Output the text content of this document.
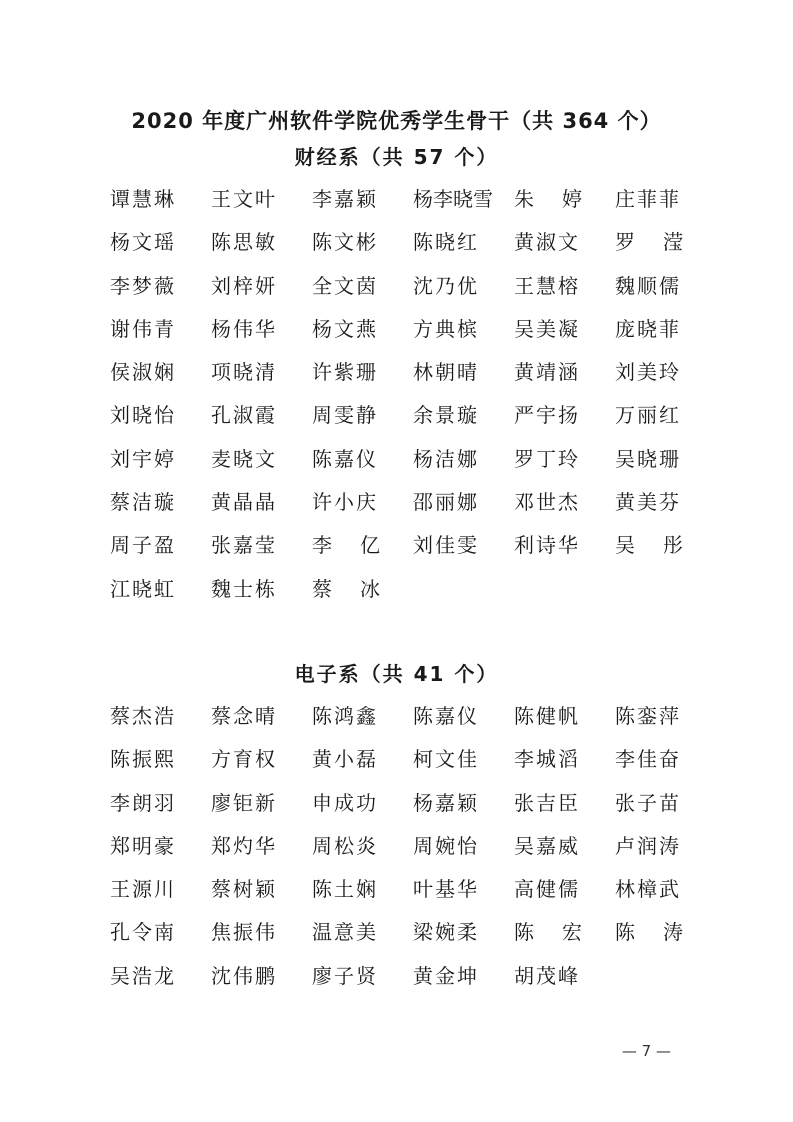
2020 年度广州软件学院优秀学生骨干（共 364 个）
财经系（共 57 个）
谭 慧 琳 王 文 叶 李 嘉 颖 杨 李 晓 雪 朱 婷 庄 菲 菲
杨 文 瑶 陈 思 敏 陈 文 彬 陈 晓 红 黄 淑 文 罗 滢
李 梦 薇 刘 梓 妍 全 文 茵 沈 乃 优 王 慧 榕 魏 顺 儒
谢 伟 青 杨 伟 华 杨 文 燕 方 典 槟 吴 美 凝 庞 晓 菲
侯 淑 娴 项 晓 清 许 紫 珊 林 朝 晴 黄 靖 涵 刘 美 玲
刘 晓 怡 孔 淑 霞 周 雯 静 余 景 璇 严 宇 扬 万 丽 红
刘 宇 婷 麦 晓 文 陈 嘉 仪 杨 洁 娜 罗 丁 玲 吴 晓 珊
蔡 洁 璇 黄 晶 晶 许 小 庆 邵 丽 娜 邓 世 杰 黄 美 芬
周 子 盈 张 嘉 莹 李 亿 刘 佳 雯 利 诗 华 吴 彤
江 晓 虹 魏 士 栋 蔡 冰
电子系（共 41 个）
蔡 杰 浩 蔡 念 晴 陈 鸿 鑫 陈 嘉 仪 陈 健 帆 陈 銮 萍
陈 振 熙 方 育 权 黄 小 磊 柯 文 佳 李 城 滔 李 佳 奋
李 朗 羽 廖 钜 新 申 成 功 杨 嘉 颖 张 吉 臣 张 子 苗
郑 明 豪 郑 灼 华 周 松 炎 周 婉 怡 吴 嘉 威 卢 润 涛
王 源 川 蔡 树 颖 陈 土 娴 叶 基 华 高 健 儒 林 樟 武
孔 令 南 焦 振 伟 温 意 美 梁 婉 柔 陈 宏 陈 涛
吴 浩 龙 沈 伟 鹏 廖 子 贤 黄 金 坤 胡 茂 峰
— 7 —
